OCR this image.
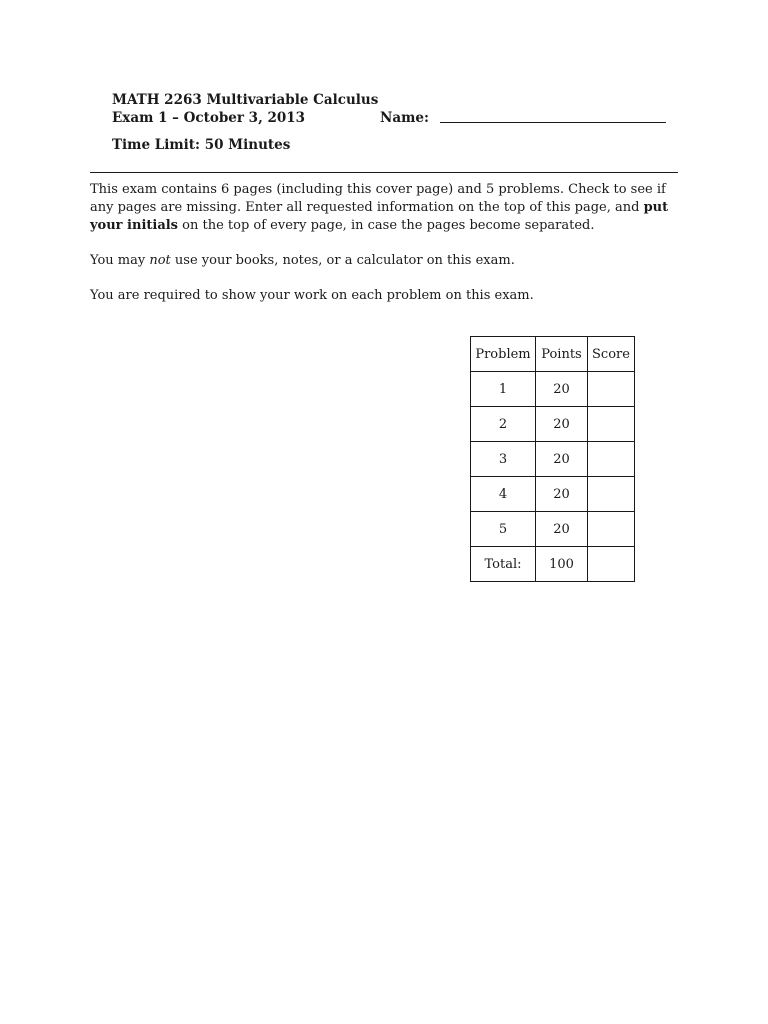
MATH 2263 Multivariable Calculus
Exam 1 – October 3, 2013
Time Limit: 50 Minutes
Name:

This exam contains 6 pages (including this cover page) and 5 problems. Check to see if any pages are missing. Enter all requested information on the top of this page, and put your initials on the top of every page, in case the pages become separated.

You may not use your books, notes, or a calculator on this exam.

You are required to show your work on each problem on this exam.

Problem	Points	Score
1	20	
2	20	
3	20	
4	20	
5	20	
Total:	100	
